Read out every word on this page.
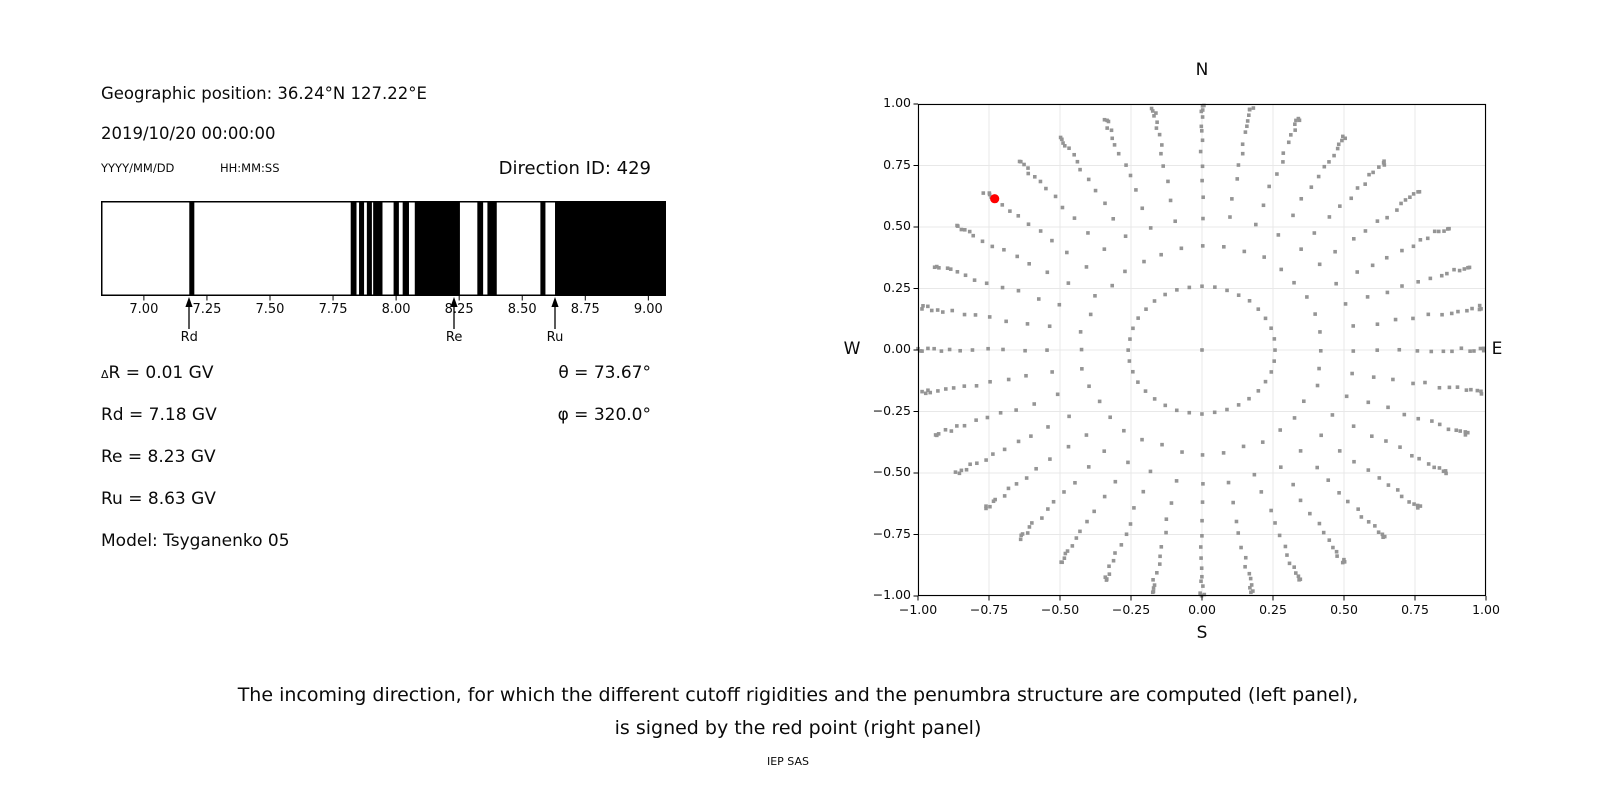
Geographic position: 36.24°N 127.22°E
2019/10/20 00:00:00
YYYY/MM/DD	HH:MM:SS	Direction ID: 429
ΔR = 0.01 GV
Rd = 7.18 GV
Re = 8.23 GV
Ru = 8.63 GV
Model: Tsyganenko 05
θ = 73.67°
φ = 320.0°
N
S
W	E
The incoming direction, for which the different cutoff rigidities and the penumbra structure are computed (left panel),
is signed by the red point (right panel)
IEP SAS
7.00	7.25	7.50	7.75	8.00	8.25	8.50	8.75	9.00
Rd	Re	Ru
−1.00	−0.75	−0.50	−0.25	0.00	0.25	0.50	0.75	1.00
1.00
0.75
0.50
0.25
0.00
−0.25
−0.50
−0.75
−1.00
